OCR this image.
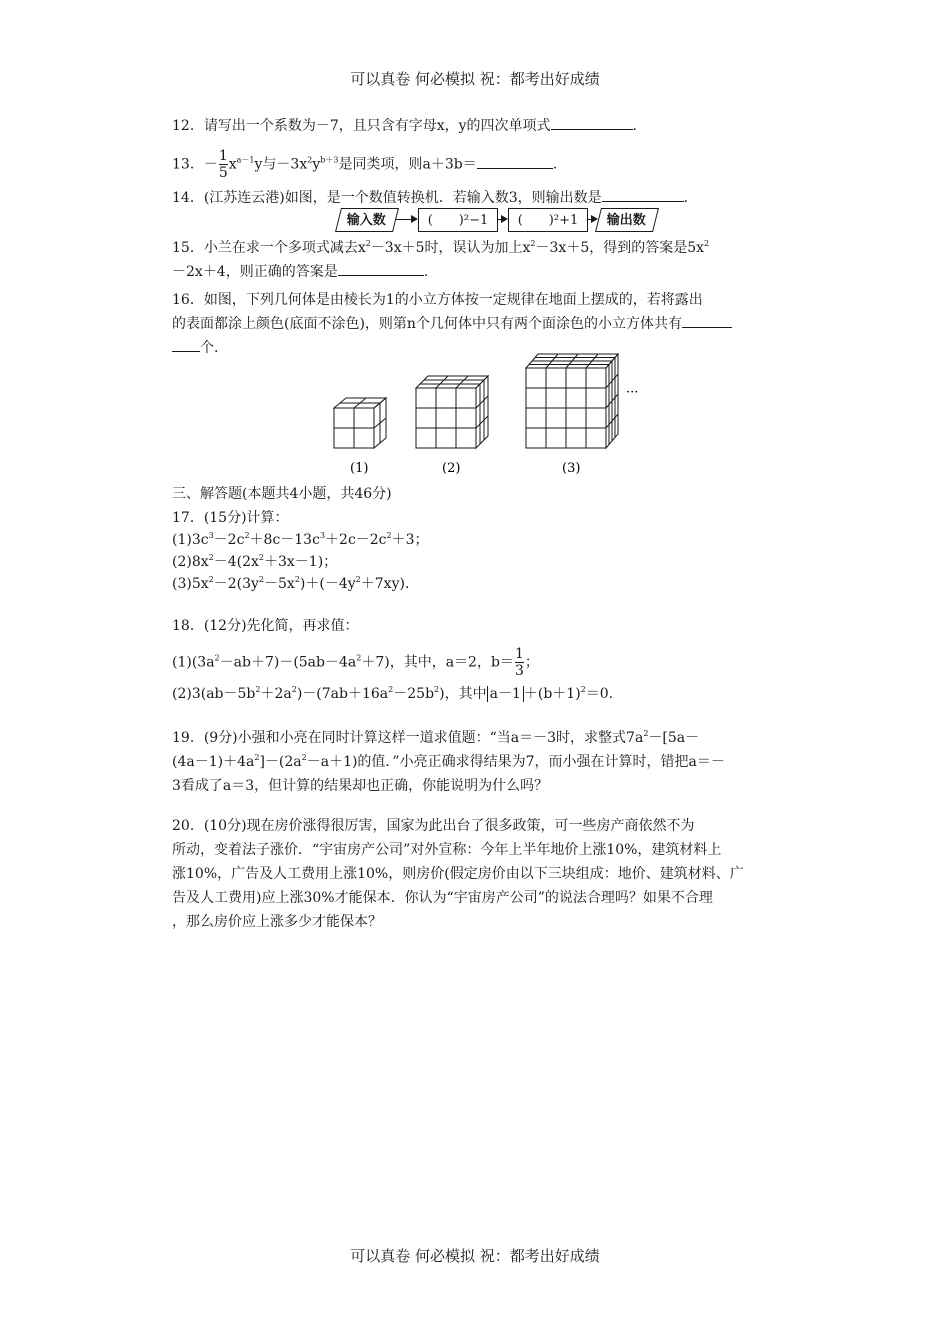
可以真卷 何必模拟 祝：都考出好成绩
12．请写出一个系数为－7，且只含有字母x，y的四次单项式	.
13．－ $\frac{1}{5} x^{a-1}y$与$-3x^2y^{b+3}$是同类项，则a＋3b＝	.
14．(江苏连云港)如图，是一个数值转换机．若输入数3，则输出数是	.
输入数	(　　)²−1	(　　)²+1	输出数
15．小兰在求一个多项式减去$x^2-3x+5$时，误认为加上$x^2-3x+5$，得到的答案是$5x^2$
－2x＋4，则正确的答案是	.
16．如图，下列几何体是由棱长为1的小立方体按一定规律在地面上摆成的，若将露出
的表面都涂上颜色(底面不涂色)，则第n个几何体中只有两个面涂色的小立方体共有
个．
···
(1)	(2)	(3)
三、解答题(本题共4小题，共46分)
17．(15分)计算：
$(1)3c^3-2c^2+8c-13c^3+2c-2c^2+3$；
$(2)8x^2-4(2x^2+3x-1)$；
$(3)5x^2-2(3y^2-5x^2)+(-4y^2+7xy)$．
18．(12分)先化简，再求值：
$(1)(3a^2-ab+7)-(5ab-4a^2+7)$，其中，a＝2，$b= \frac{1}{3}$ ；
$(2)3(ab-5b^2+2a^2)-(7ab+16a^2-25b^2)$，其中 $a-1 +(b+1)^2=0$.
19．(9分)小强和小亮在同时计算这样一道求值题：“当a＝－3时，求整式$7a^2-[5a-$
$(4a-1)+4a^2]-(2a^2-a+1)$的值．”小亮正确求得结果为7，而小强在计算时，错把a＝－
3看成了a＝3，但计算的结果却也正确，你能说明为什么吗？
20．(10分)现在房价涨得很厉害，国家为此出台了很多政策，可一些房产商依然不为
所动，变着法子涨价．“宇宙房产公司”对外宣称：今年上半年地价上涨10%，建筑材料上
涨10%，广告及人工费用上涨10%，则房价(假定房价由以下三块组成：地价、建筑材料、广
告及人工费用)应上涨30%才能保本．你认为“宇宙房产公司”的说法合理吗？如果不合理
，那么房价应上涨多少才能保本？
可以真卷 何必模拟 祝：都考出好成绩
